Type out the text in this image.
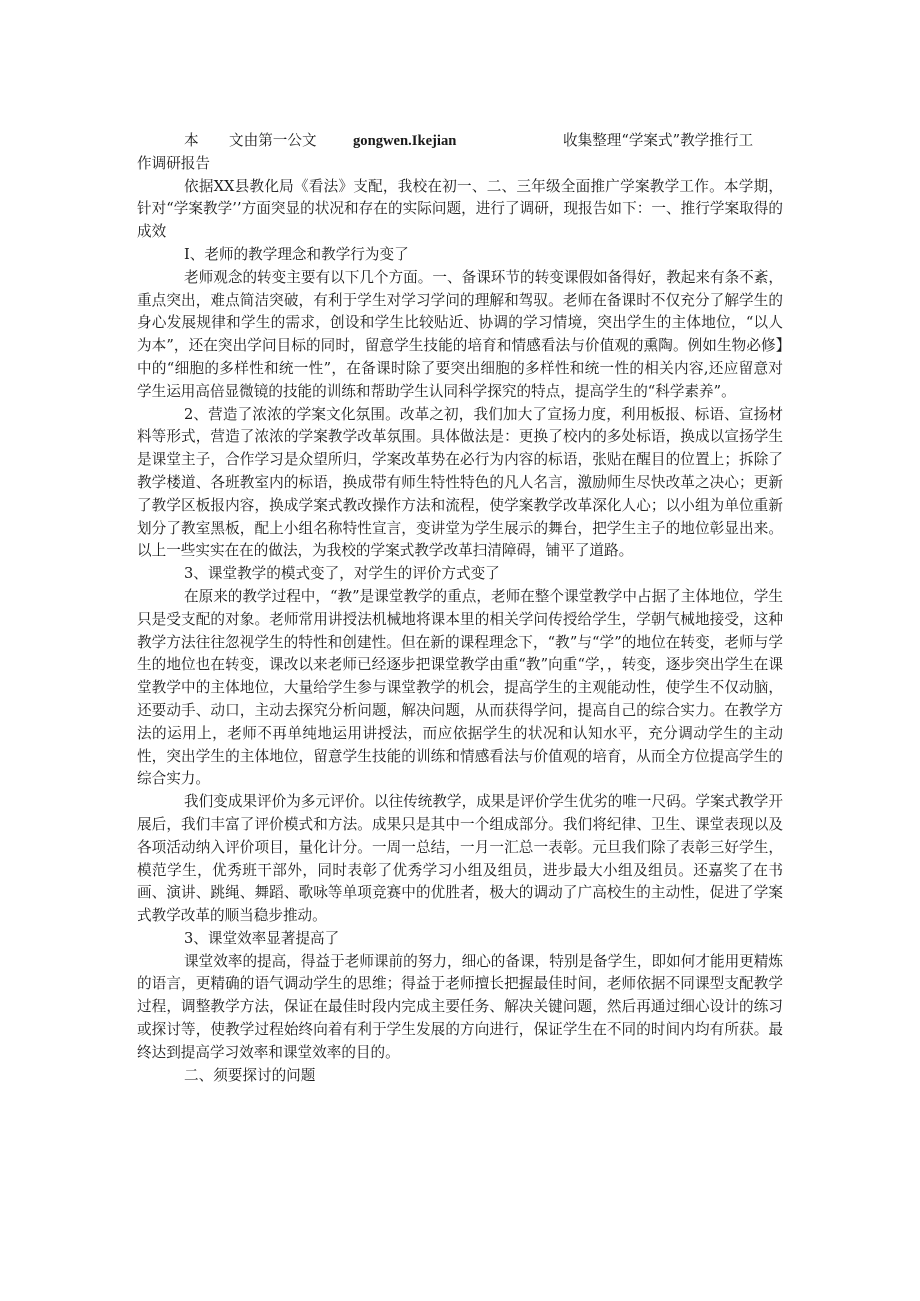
本 文由第一公文 gongwen.Ikejian	收集整理“学案式”教学推行工
作调研报告

依据XX县教化局《看法》支配，我校在初一、二、三年级全面推广学案教学工作。本学期，针对“学案教学’’方面突显的状况和存在的实际问题，进行了调研，现报告如下：一、推行学案取得的成效

I、老师的教学理念和教学行为变了

老师观念的转变主要有以下几个方面。一、备课环节的转变课假如备得好，教起来有条不紊，重点突出，难点简洁突破，有利于学生对学习学问的理解和驾驭。老师在备课时不仅充分了解学生的身心发展规律和学生的需求，创设和学生比较贴近、协调的学习情境，突出学生的主体地位，“以人为本”，还在突出学问目标的同时，留意学生技能的培育和情感看法与价值观的熏陶。例如生物必修】中的“细胞的多样性和统一性”，在备课时除了要突出细胞的多样性和统一性的相关内容,还应留意对学生运用高倍显微镜的技能的训练和帮助学生认同科学探究的特点，提高学生的“科学素养”。

2、营造了浓浓的学案文化氛围。改革之初，我们加大了宣扬力度，利用板报、标语、宣扬材料等形式，营造了浓浓的学案教学改革氛围。具体做法是：更换了校内的多处标语，换成以宣扬学生是课堂主子，合作学习是众望所归，学案改革势在必行为内容的标语，张贴在醒目的位置上；拆除了教学楼道、各班教室内的标语，换成带有师生特性特色的凡人名言，激励师生尽快改革之决心；更新了教学区板报内容，换成学案式教改操作方法和流程，使学案教学改革深化人心；以小组为单位重新划分了教室黑板，配上小组名称特性宣言，变讲堂为学生展示的舞台，把学生主子的地位彰显出来。以上一些实实在在的做法，为我校的学案式教学改革扫清障碍，铺平了道路。

3、课堂教学的模式变了，对学生的评价方式变了

在原来的教学过程中，“教”是课堂教学的重点，老师在整个课堂教学中占据了主体地位，学生只是受支配的对象。老师常用讲授法机械地将课本里的相关学问传授给学生，学朝气械地接受，这种教学方法往往忽视学生的特性和创建性。但在新的课程理念下，“教”与“学”的地位在转变，老师与学生的地位也在转变，课改以来老师已经逐步把课堂教学由重“教”向重“学，，转变，逐步突出学生在课堂教学中的主体地位，大量给学生参与课堂教学的机会，提高学生的主观能动性，使学生不仅动脑，还要动手、动口，主动去探究分析问题，解决问题，从而获得学问，提高自己的综合实力。在教学方法的运用上，老师不再单纯地运用讲授法，而应依据学生的状况和认知水平，充分调动学生的主动性，突出学生的主体地位，留意学生技能的训练和情感看法与价值观的培育，从而全方位提高学生的综合实力。

我们变成果评价为多元评价。以往传统教学，成果是评价学生优劣的唯一尺码。学案式教学开展后，我们丰富了评价模式和方法。成果只是其中一个组成部分。我们将纪律、卫生、课堂表现以及各项活动纳入评价项目，量化计分。一周一总结，一月一汇总一表彰。元旦我们除了表彰三好学生，模范学生，优秀班干部外，同时表彰了优秀学习小组及组员，进步最大小组及组员。还嘉奖了在书画、演讲、跳绳、舞蹈、歌咏等单项竞赛中的优胜者，极大的调动了广高校生的主动性，促进了学案式教学改革的顺当稳步推动。

3、课堂效率显著提高了

课堂效率的提高，得益于老师课前的努力，细心的备课，特别是备学生，即如何才能用更精炼的语言，更精确的语气调动学生的思维；得益于老师擅长把握最佳时间，老师依据不同课型支配教学过程，调整教学方法，保证在最佳时段内完成主要任务、解决关键问题，然后再通过细心设计的练习或探讨等，使教学过程始终向着有利于学生发展的方向进行，保证学生在不同的时间内均有所获。最终达到提高学习效率和课堂效率的目的。

二、须要探讨的问题
